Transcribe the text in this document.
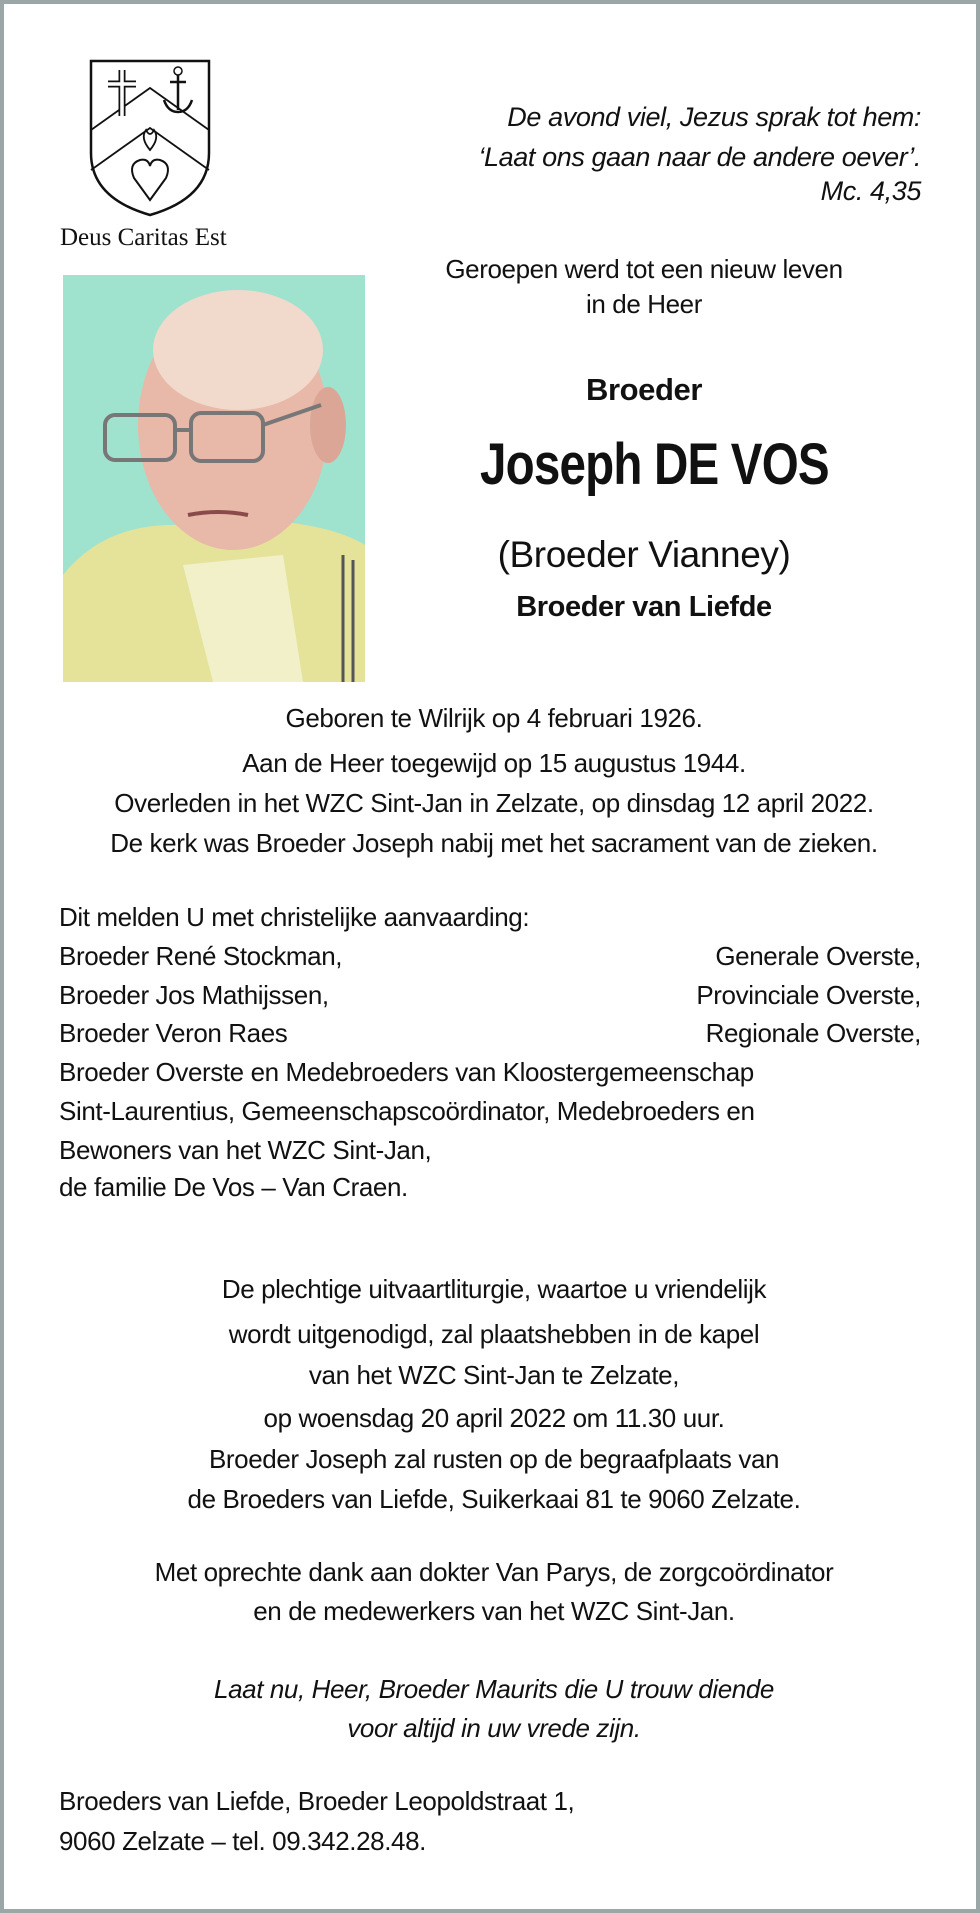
Deus Caritas Est
De avond viel, Jezus sprak tot hem:
‘Laat ons gaan naar de andere oever’.
Mc. 4,35
Geroepen werd tot een nieuw leven
in de Heer
Broeder
Joseph DE VOS
(Broeder Vianney)
Broeder van Liefde
Geboren te Wilrijk op 4 februari 1926.
Aan de Heer toegewijd op 15 augustus 1944.
Overleden in het WZC Sint-Jan in Zelzate, op dinsdag 12 april 2022.
De kerk was Broeder Joseph nabij met het sacrament van de zieken.
Dit melden U met christelijke aanvaarding:
Broeder René Stockman,	Generale Overste,
Broeder Jos Mathijssen,	Provinciale Overste,
Broeder Veron Raes	Regionale Overste,
Broeder Overste en Medebroeders van Kloostergemeenschap
Sint-Laurentius, Gemeenschapscoördinator, Medebroeders en
Bewoners van het WZC Sint-Jan,
de familie De Vos – Van Craen.
De plechtige uitvaartliturgie, waartoe u vriendelijk
wordt uitgenodigd, zal plaatshebben in de kapel
van het WZC Sint-Jan te Zelzate,
op woensdag 20 april 2022 om 11.30 uur.
Broeder Joseph zal rusten op de begraafplaats van
de Broeders van Liefde, Suikerkaai 81 te 9060 Zelzate.
Met oprechte dank aan dokter Van Parys, de zorgcoördinator
en de medewerkers van het WZC Sint-Jan.
Laat nu, Heer, Broeder Maurits die U trouw diende
voor altijd in uw vrede zijn.
Broeders van Liefde, Broeder Leopoldstraat 1,
9060 Zelzate – tel. 09.342.28.48.
